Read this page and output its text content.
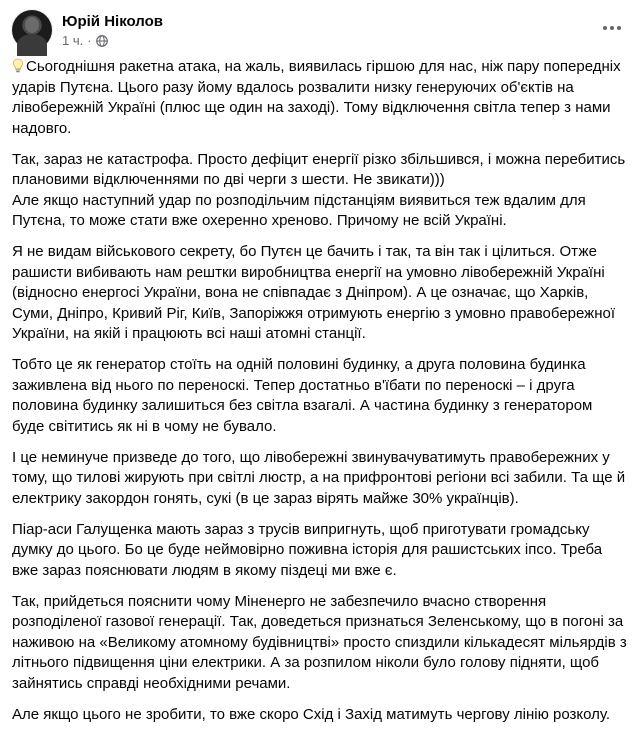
Юрій Ніколов
1 ч. ·

Сьогоднішня ракетна атака, на жаль, виявилась гіршою для нас, ніж пару попередніх ударів Путєна. Цього разу йому вдалось розвалити низку генеруючих об'єктів на лівобережній Україні (плюс ще один на заході). Тому відключення світла тепер з нами надовго.

Так, зараз не катастрофа. Просто дефіцит енергії різко збільшився, і можна перебитись плановими відключеннями по дві черги з шести. Не звикати)))
Але якщо наступний удар по розподільчим підстанціям виявиться теж вдалим для Путєна, то може стати вже охеренно хреново. Причому не всій Україні.

Я не видам військового секрету, бо Путєн це бачить і так, та він так і цілиться. Отже рашисти вибивають нам рештки виробництва енергії на умовно лівобережній Україні (відносно енергосі України, вона не співпадає з Дніпром). А це означає, що Харків, Суми, Дніпро, Кривий Ріг, Київ, Запоріжжя отримують енергію з умовно правобережної України, на якій і працюють всі наші атомні станції.

Тобто це як генератор стоїть на одній половині будинку, а друга половина будинка заживлена від нього по переноскі. Тепер достатньо в'їбати по переноскі – і друга половина будинку залишиться без світла взагалі. А частина будинку з генератором буде світитись як ні в чому не бувало.

І це неминуче призведе до того, що лівобережні звинувачуватимуть правобережних у тому, що тилові жирують при світлі люстр, а на прифронтові регіони всі забили. Та ще й електрику закордон гонять, сукі (в це зараз вірять майже 30% українців).

Піар-аси Галущенка мають зараз з трусів випригнуть, щоб приготувати громадську думку до цього. Бо це буде неймовірно поживна історія для рашистських іпсо. Треба вже зараз пояснювати людям в якому піздеці ми вже є.

Так, прийдеться пояснити чому Міненерго не забезпечило вчасно створення розподіленої газової генерації. Так, доведеться признаться Зеленському, що в погоні за наживою на «Великому атомному будівництві» просто спиздили кількадесят мільярдів з літнього підвищення ціни електрики. А за розпилом ніколи було голову підняти, щоб зайнятись справді необхідними речами.

Але якщо цього не зробити, то вже скоро Схід і Захід матимуть чергову лінію розколу.
